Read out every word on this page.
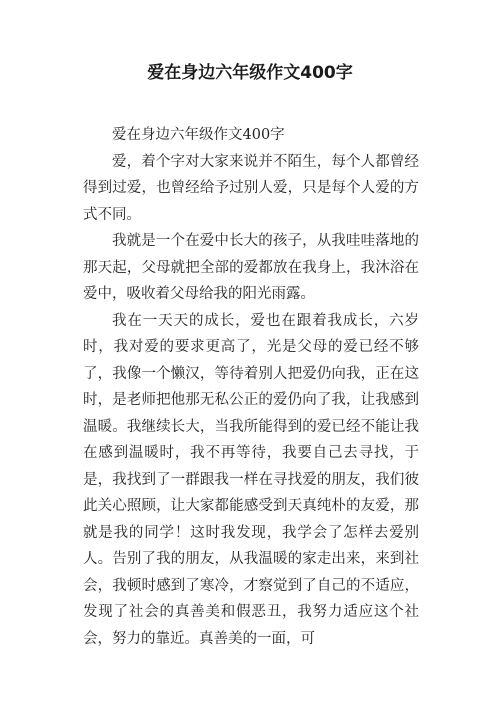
爱在身边六年级作文400字

爱在身边六年级作文400字

爱，着个字对大家来说并不陌生，每个人都曾经得到过爱，也曾经给予过别人爱，只是每个人爱的方式不同。

我就是一个在爱中长大的孩子，从我哇哇落地的那天起，父母就把全部的爱都放在我身上，我沐浴在爱中，吸收着父母给我的阳光雨露。

我在一天天的成长，爱也在跟着我成长，六岁时，我对爱的要求更高了，光是父母的爱已经不够了，我像一个懒汉，等待着别人把爱仍向我，正在这时，是老师把他那无私公正的爱仍向了我，让我感到温暖。我继续长大，当我所能得到的爱已经不能让我在感到温暖时，我不再等待，我要自己去寻找，于是，我找到了一群跟我一样在寻找爱的朋友，我们彼此关心照顾，让大家都能感受到天真纯朴的友爱，那就是我的同学！这时我发现，我学会了怎样去爱别人。告别了我的朋友，从我温暖的家走出来，来到社会，我顿时感到了寒冷，才察觉到了自己的不适应，发现了社会的真善美和假恶丑，我努力适应这个社会，努力的靠近。真善美的一面，可
